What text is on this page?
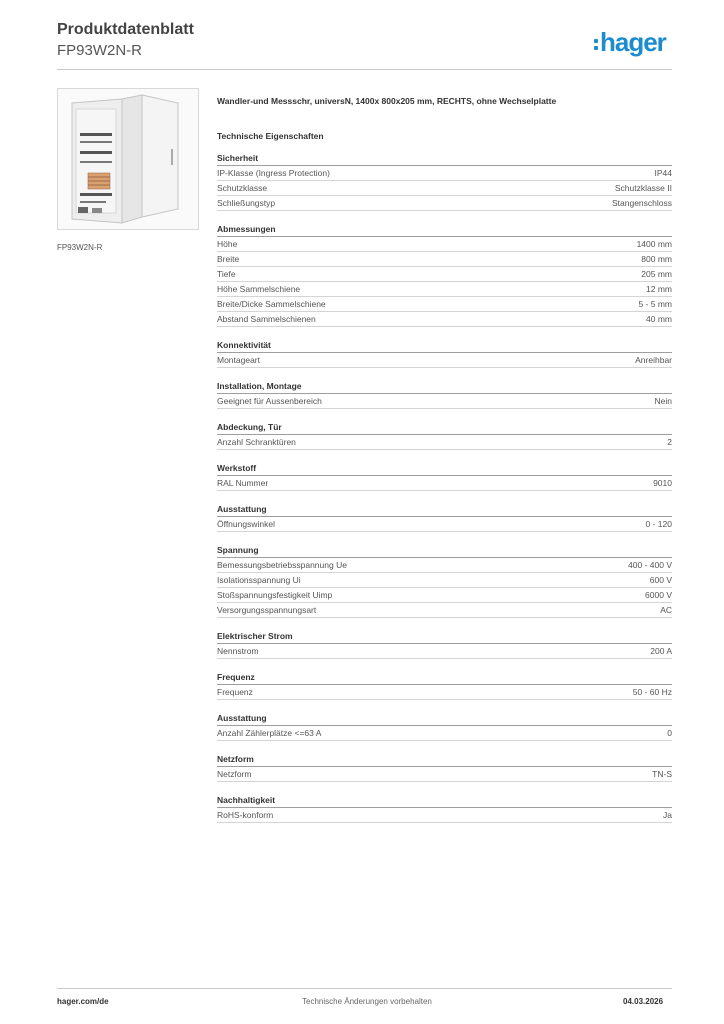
Produktdatenblatt
FP93W2N-R	hager
FP93W2N-R
Wandler-und Messschr, universN, 1400x 800x205 mm, RECHTS, ohne Wechselplatte
Technische Eigenschaften
Sicherheit
IP-Klasse (Ingress Protection)	IP44
Schutzklasse	Schutzklasse II
Schließungstyp	Stangenschloss
Abmessungen
Höhe	1400 mm
Breite	800 mm
Tiefe	205 mm
Höhe Sammelschiene	12 mm
Breite/Dicke Sammelschiene	5 - 5 mm
Abstand Sammelschienen	40 mm
Konnektivität
Montageart	Anreihbar
Installation, Montage
Geeignet für Aussenbereich	Nein
Abdeckung, Tür
Anzahl Schranktüren	2
Werkstoff
RAL Nummer	9010
Ausstattung
Öffnungswinkel	0 - 120
Spannung
Bemessungsbetriebsspannung Ue	400 - 400 V
Isolationsspannung Ui	600 V
Stoßspannungsfestigkeit Uimp	6000 V
Versorgungsspannungsart	AC
Elektrischer Strom
Nennstrom	200 A
Frequenz
Frequenz	50 - 60 Hz
Ausstattung
Anzahl Zählerplätze <=63 A	0
Netzform
Netzform	TN-S
Nachhaltigkeit
RoHS-konform	Ja
hager.com/de	Technische Änderungen vorbehalten	04.03.2026
